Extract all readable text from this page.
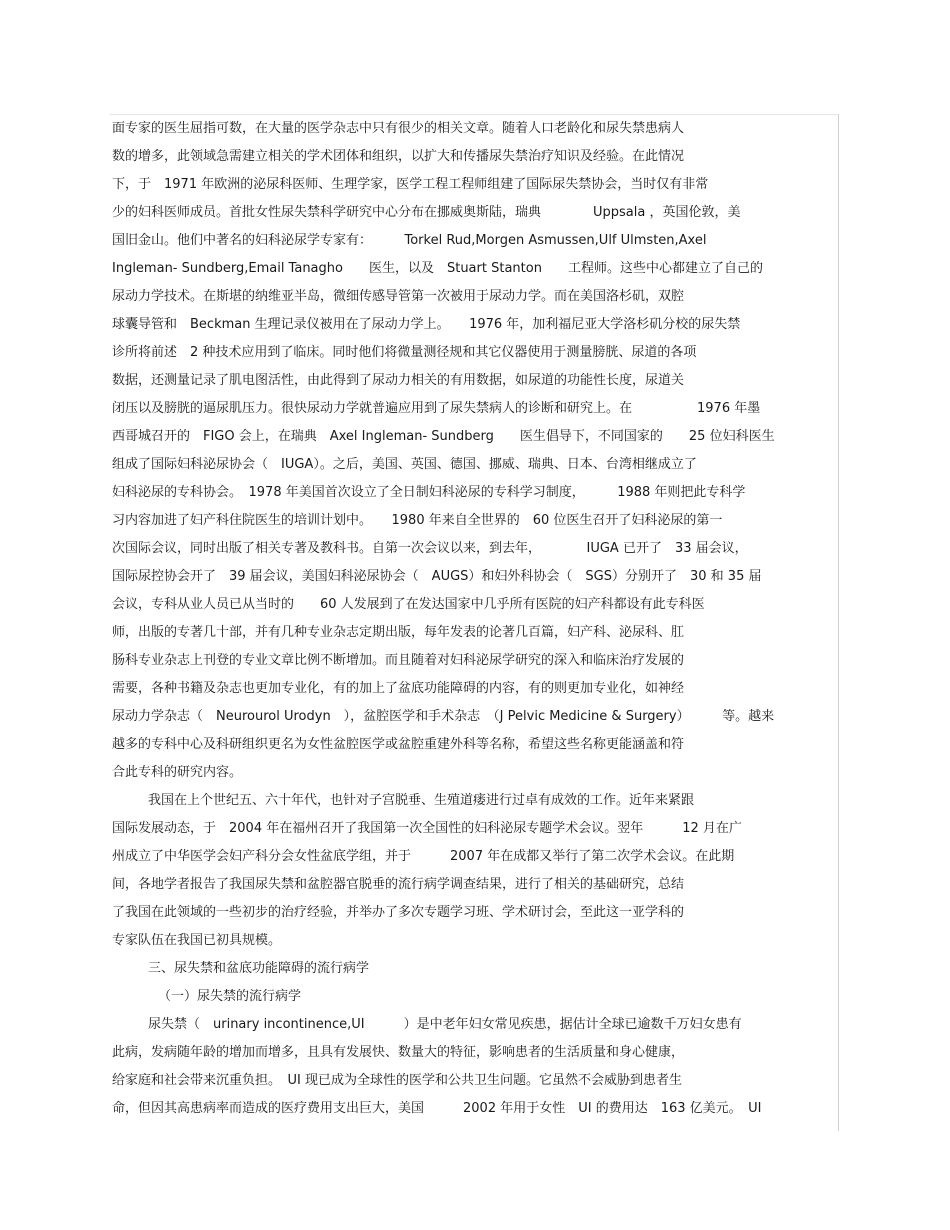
面专家的医生屈指可数，在大量的医学杂志中只有很少的相关文章。随着人口老龄化和尿失禁患病人
数的增多，此领域急需建立相关的学术团体和组织，以扩大和传播尿失禁治疗知识及经验。在此情况
下，于　1971 年欧洲的泌尿科医师、生理学家，医学工程工程师组建了国际尿失禁协会，当时仅有非常
少的妇科医师成员。首批女性尿失禁科学研究中心分布在挪威奥斯陆，瑞典　　　　Uppsala ，英国伦敦，美
国旧金山。他们中著名的妇科泌尿学专家有：　　　Torkel Rud,Morgen Asmussen,Ulf Ulmsten,Axel
Ingleman- Sundberg,Email Tanagho　　医生，以及　Stuart Stanton　　工程师。这些中心都建立了自己的
尿动力学技术。在斯堪的纳维亚半岛，微细传感导管第一次被用于尿动力学。而在美国洛杉矶，双腔
球囊导管和　Beckman 生理记录仪被用在了尿动力学上。　　1976 年，加利福尼亚大学洛杉矶分校的尿失禁
诊所将前述　2 种技术应用到了临床。同时他们将微量测径规和其它仪器使用于测量膀胱、尿道的各项
数据，还测量记录了肌电图活性，由此得到了尿动力相关的有用数据，如尿道的功能性长度，尿道关
闭压以及膀胱的逼尿肌压力。很快尿动力学就普遍应用到了尿失禁病人的诊断和研究上。在　　　　　1976 年墨
西哥城召开的　FIGO 会上，在瑞典　Axel Ingleman- Sundberg　　医生倡导下，不同国家的　　25 位妇科医生
组成了国际妇科泌尿协会（　IUGA）。之后，美国、英国、德国、挪威、瑞典、日本、台湾相继成立了
妇科泌尿的专科协会。　1978 年美国首次设立了全日制妇科泌尿的专科学习制度，　　　1988 年则把此专科学
习内容加进了妇产科住院医生的培训计划中。　　1980 年来自全世界的　60 位医生召开了妇科泌尿的第一
次国际会议，同时出版了相关专著及教科书。自第一次会议以来，到去年，　　　　IUGA 已开了　33 届会议，
国际尿控协会开了　39 届会议，美国妇科泌尿协会（　AUGS）和妇外科协会（　SGS）分别开了　30 和 35 届
会议，专科从业人员已从当时的　　60 人发展到了在发达国家中几乎所有医院的妇产科都设有此专科医
师，出版的专著几十部，并有几种专业杂志定期出版，每年发表的论著几百篇，妇产科、泌尿科、肛
肠科专业杂志上刊登的专业文章比例不断增加。而且随着对妇科泌尿学研究的深入和临床治疗发展的
需要，各种书籍及杂志也更加专业化，有的加上了盆底功能障碍的内容，有的则更加专业化，如神经
尿动力学杂志（　Neurourol Urodyn　），盆腔医学和手术杂志　（J Pelvic Medicine & Surgery）　　　等。越来
越多的专科中心及科研组织更名为女性盆腔医学或盆腔重建外科等名称，希望这些名称更能涵盖和符
合此专科的研究内容。
我国在上个世纪五、六十年代，也针对子宫脱垂、生殖道瘘进行过卓有成效的工作。近年来紧跟
国际发展动态，于　2004 年在福州召开了我国第一次全国性的妇科泌尿专题学术会议。翌年　　　12 月在广
州成立了中华医学会妇产科分会女性盆底学组，并于　　　2007 年在成都又举行了第二次学术会议。在此期
间，各地学者报告了我国尿失禁和盆腔器官脱垂的流行病学调查结果，进行了相关的基础研究，总结
了我国在此领域的一些初步的治疗经验，并举办了多次专题学习班、学术研讨会，至此这一亚学科的
专家队伍在我国已初具规模。
三、尿失禁和盆底功能障碍的流行病学
（一）尿失禁的流行病学
尿失禁（　urinary incontinence,UI　　　）是中老年妇女常见疾患，据估计全球已逾数千万妇女患有
此病，发病随年龄的增加而增多，且具有发展快、数量大的特征，影响患者的生活质量和身心健康，
给家庭和社会带来沉重负担。　UI 现已成为全球性的医学和公共卫生问题。它虽然不会威胁到患者生
命，但因其高患病率而造成的医疗费用支出巨大，美国　　　2002 年用于女性　UI 的费用达　163 亿美元。　UI
